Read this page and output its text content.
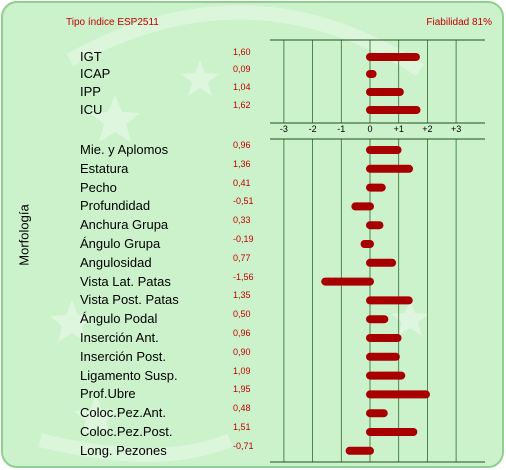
-3 -2 -1 0 +1 +2 +3
Tipo índice ESP2511	Fiabilidad 81%
Morfología
IGT	1,60
ICAP	0,09
IPP	1,04
ICU	1,62
Mie. y Aplomos	0,96
Estatura	1,36
Pecho	0,41
Profundidad	-0,51
Anchura Grupa	0,33
Ángulo Grupa	-0,19
Angulosidad	0,77
Vista Lat. Patas	-1,56
Vista Post. Patas	1,35
Ángulo Podal	0,50
Inserción Ant.	0,96
Inserción Post.	0,90
Ligamento Susp.	1,09
Prof.Ubre	1,95
Coloc.Pez.Ant.	0,48
Coloc.Pez.Post.	1,51
Long. Pezones	-0,71
